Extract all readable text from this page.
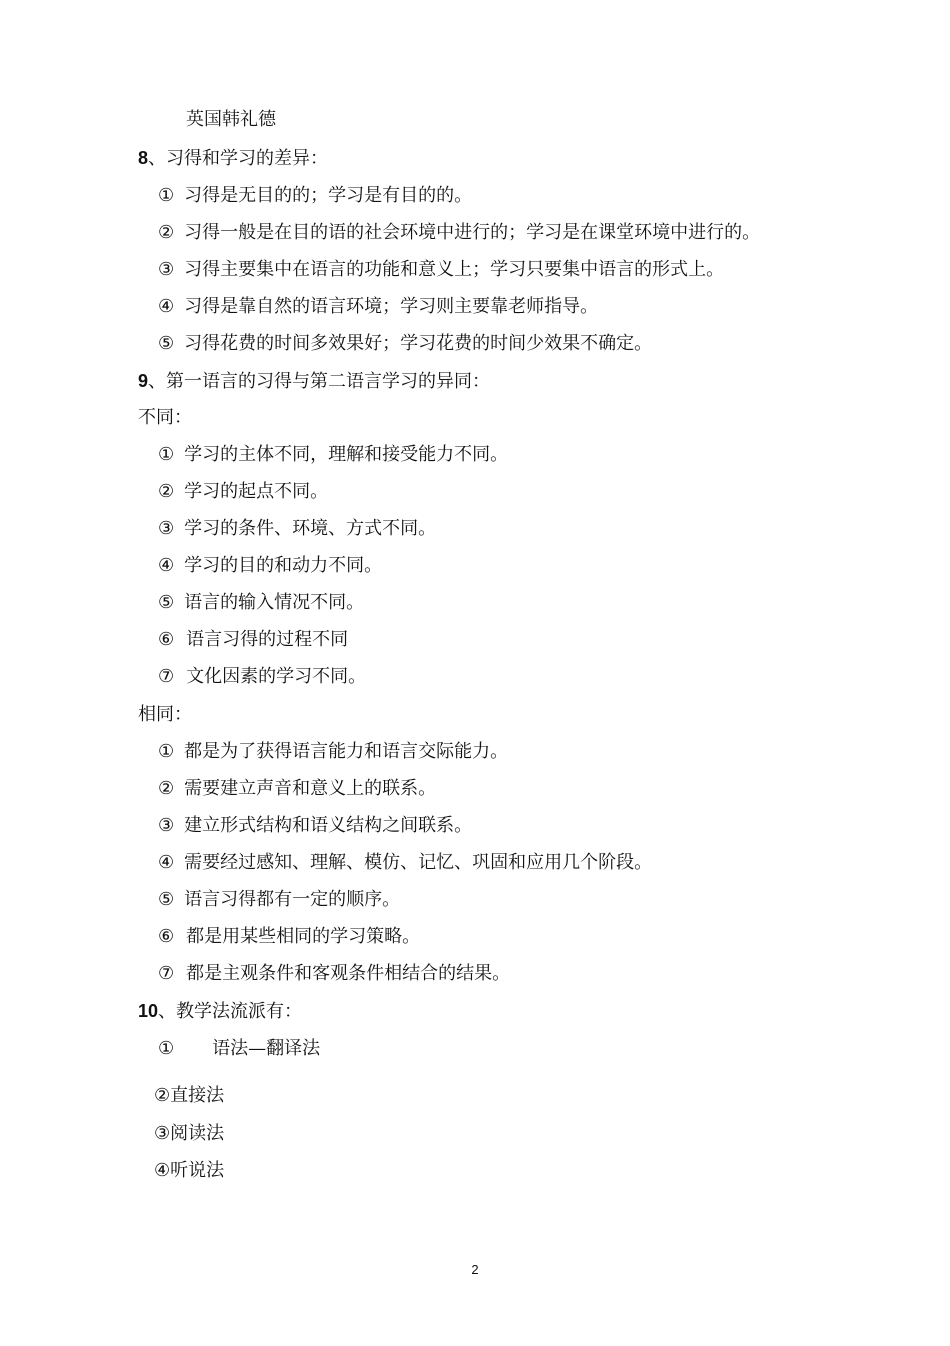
英国韩礼德
8、习得和学习的差异：
① 习得是无目的的；学习是有目的的。
② 习得一般是在目的语的社会环境中进行的；学习是在课堂环境中进行的。
③ 习得主要集中在语言的功能和意义上；学习只要集中语言的形式上。
④ 习得是靠自然的语言环境；学习则主要靠老师指导。
⑤ 习得花费的时间多效果好；学习花费的时间少效果不确定。
9、第一语言的习得与第二语言学习的异同：
不同：
① 学习的主体不同，理解和接受能力不同。
② 学习的起点不同。
③ 学习的条件、环境、方式不同。
④ 学习的目的和动力不同。
⑤ 语言的输入情况不同。
⑥ 语言习得的过程不同
⑦ 文化因素的学习不同。
相同：
① 都是为了获得语言能力和语言交际能力。
② 需要建立声音和意义上的联系。
③ 建立形式结构和语义结构之间联系。
④ 需要经过感知、理解、模仿、记忆、巩固和应用几个阶段。
⑤ 语言习得都有一定的顺序。
⑥ 都是用某些相同的学习策略。
⑦ 都是主观条件和客观条件相结合的结果。
10、教学法流派有：
① 语法—翻译法
②直接法
③阅读法
④听说法
2
